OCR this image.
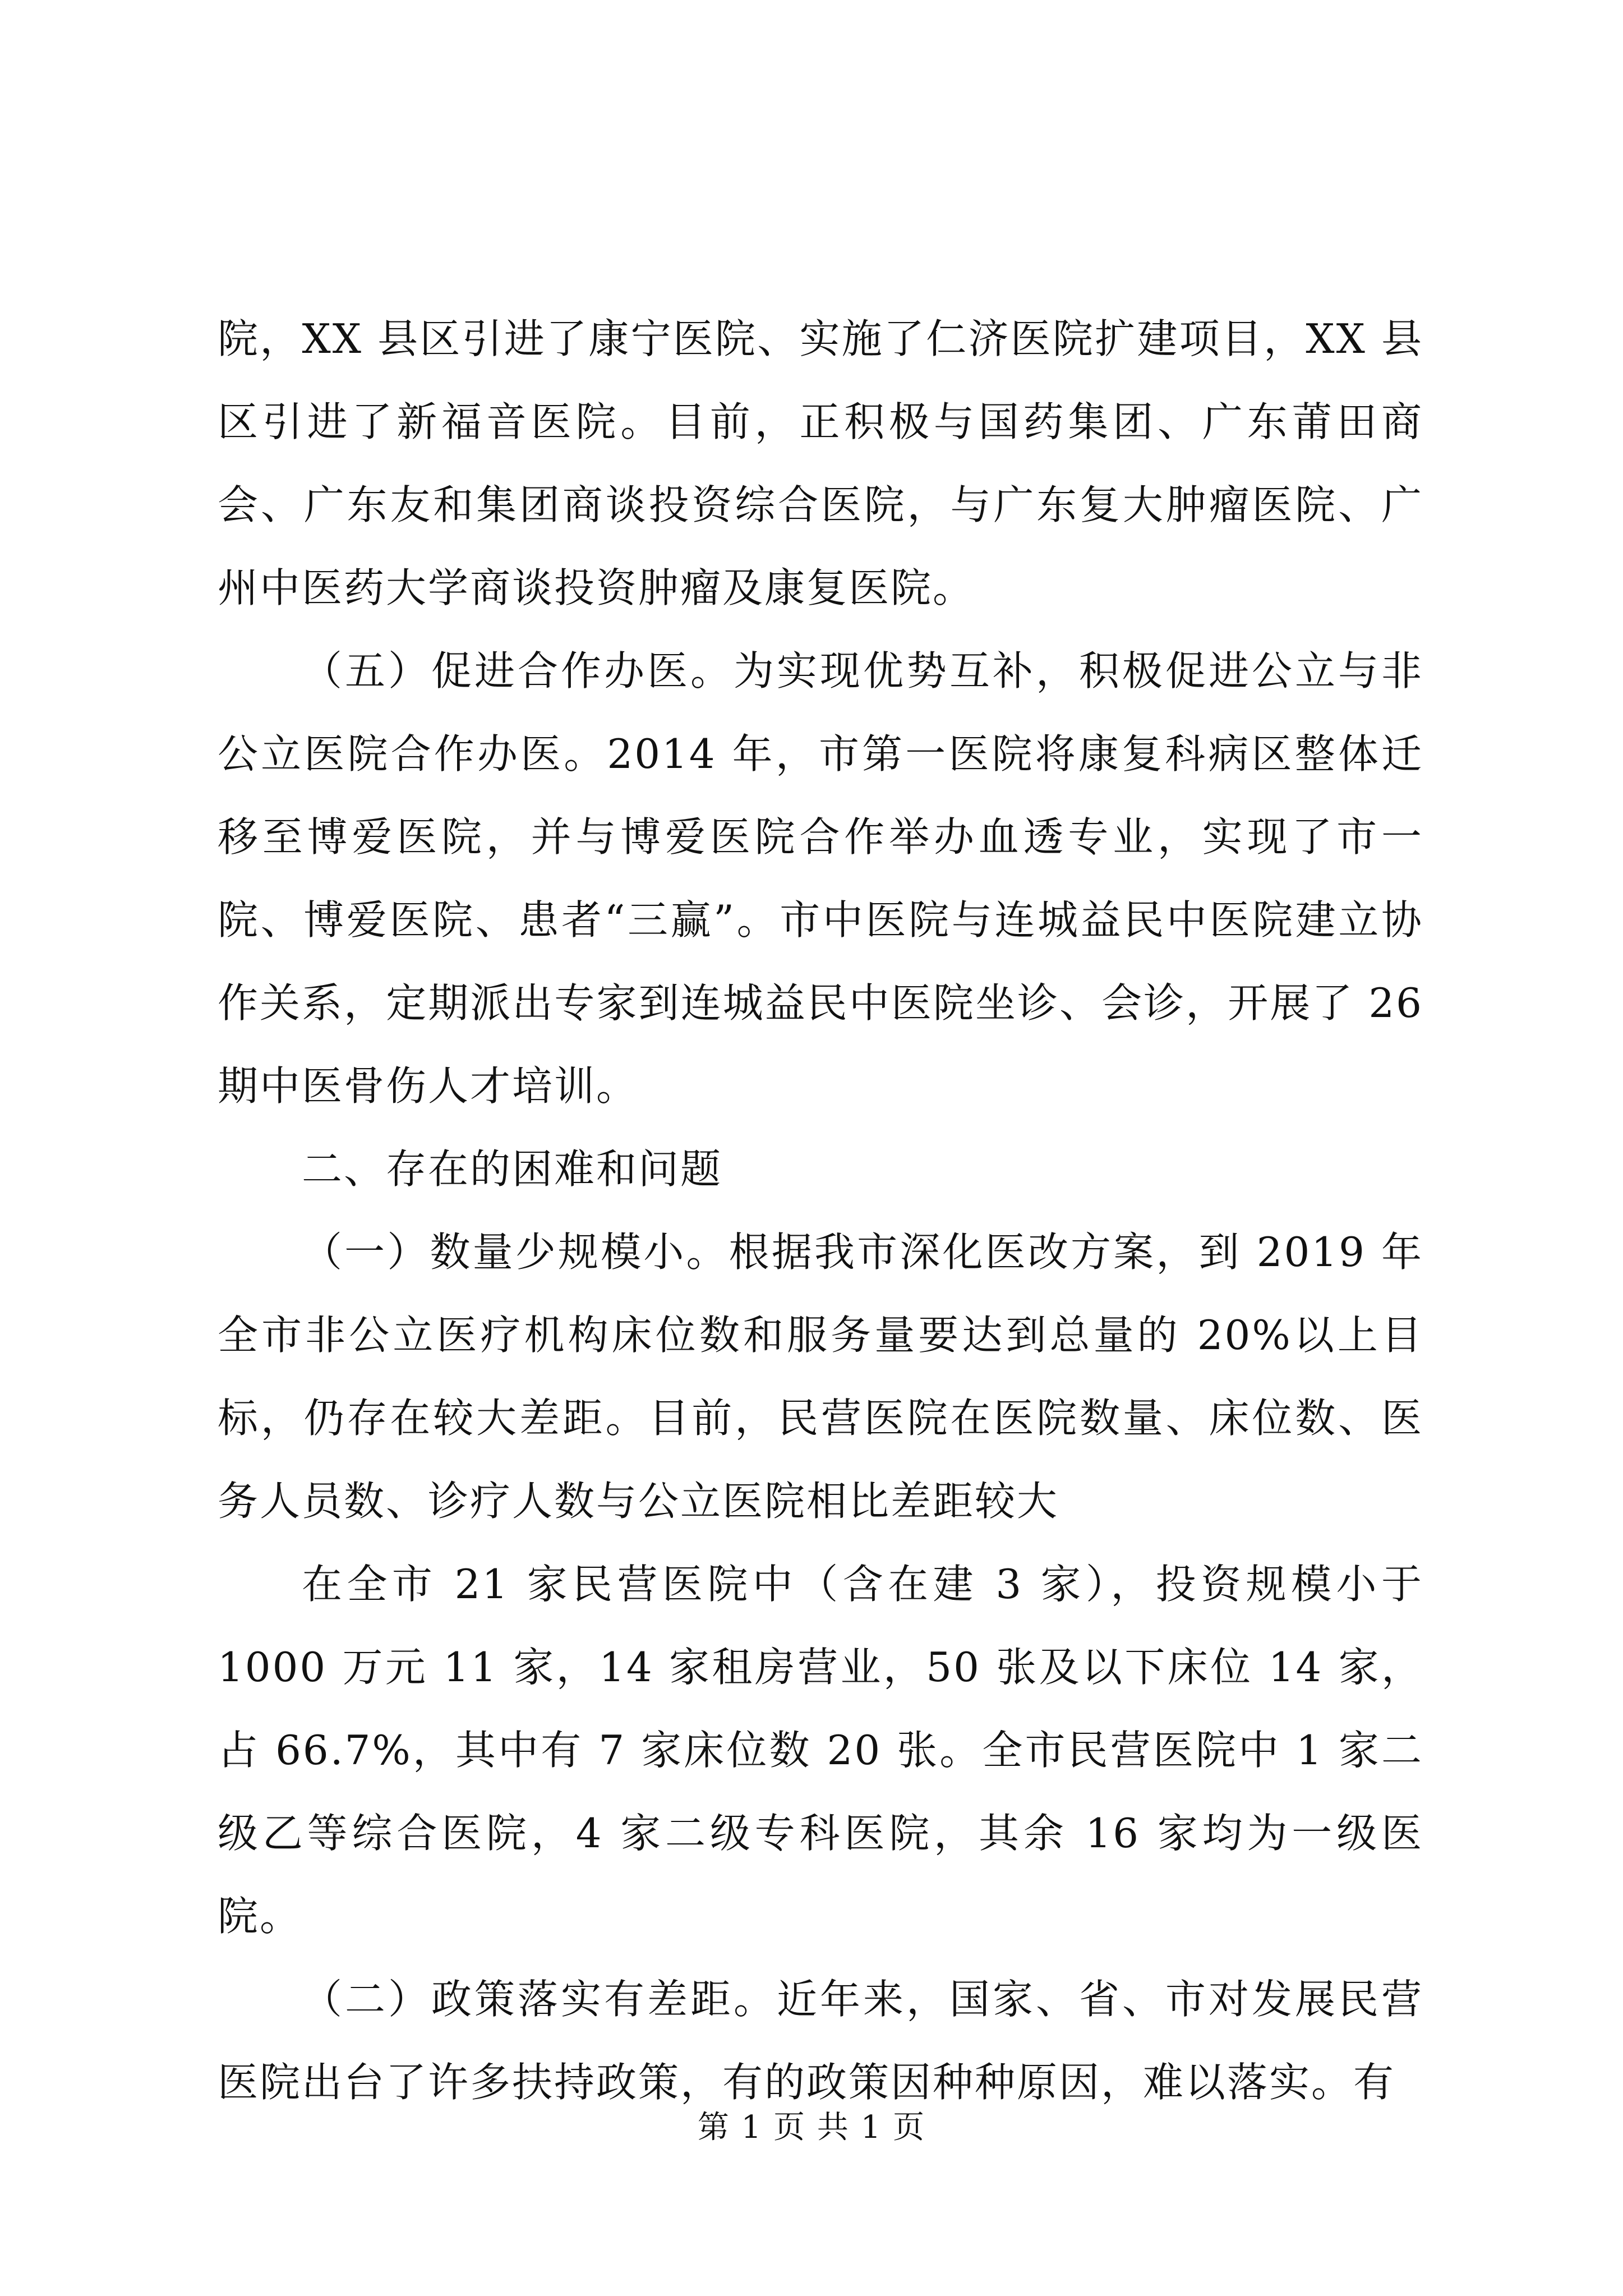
院，XX 县区引进了康宁医院、实施了仁济医院扩建项目，XX 县区引进了新福音医院。目前，正积极与国药集团、广东莆田商会、广东友和集团商谈投资综合医院，与广东复大肿瘤医院、广州中医药大学商谈投资肿瘤及康复医院。

（五）促进合作办医。为实现优势互补，积极促进公立与非公立医院合作办医。2014 年，市第一医院将康复科病区整体迁移至博爱医院，并与博爱医院合作举办血透专业，实现了市一院、博爱医院、患者“三赢”。市中医院与连城益民中医院建立协作关系，定期派出专家到连城益民中医院坐诊、会诊，开展了 26 期中医骨伤人才培训。

二、存在的困难和问题

（一）数量少规模小。根据我市深化医改方案，到 2019 年全市非公立医疗机构床位数和服务量要达到总量的 20%以上目标，仍存在较大差距。目前，民营医院在医院数量、床位数、医务人员数、诊疗人数与公立医院相比差距较大

在全市 21 家民营医院中（含在建 3 家），投资规模小于 1000 万元 11 家，14 家租房营业，50 张及以下床位 14 家，占 66.7%，其中有 7 家床位数 20 张。全市民营医院中 1 家二级乙等综合医院，4 家二级专科医院，其余 16 家均为一级医院。

（二）政策落实有差距。近年来，国家、省、市对发展民营医院出台了许多扶持政策，有的政策因种种原因，难以落实。有

第 1 页 共 1 页
